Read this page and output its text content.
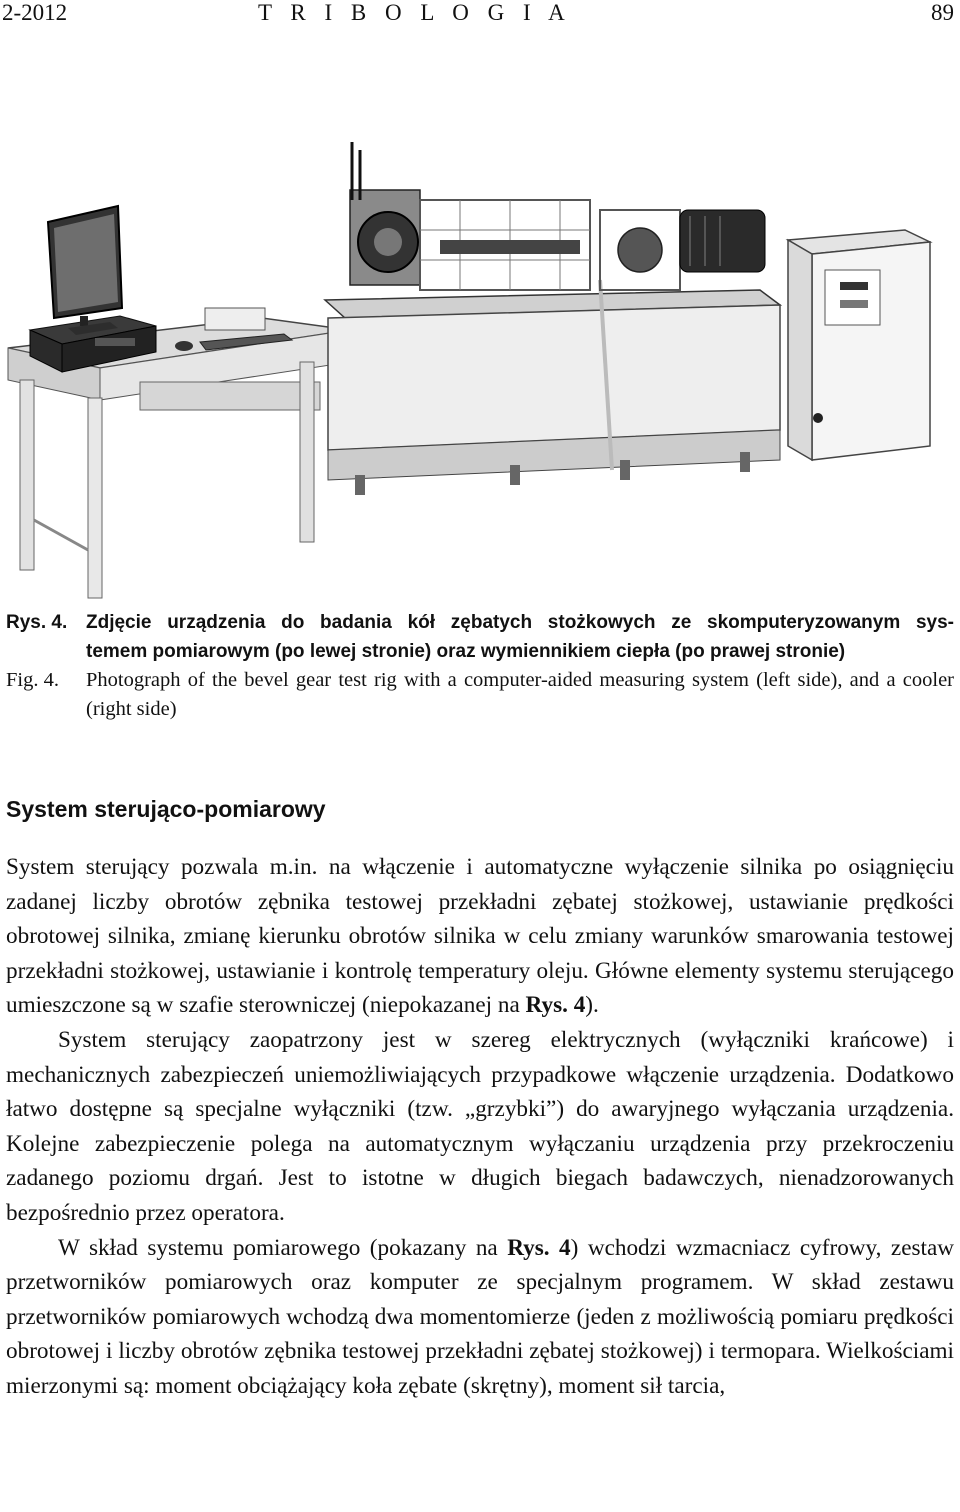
2-2012	T R I B O L O G I A	89
Rys. 4. Zdjęcie urządzenia do badania kół zębatych stożkowych ze skomputeryzowanym sys-
temem pomiarowym (po lewej stronie) oraz wymiennikiem ciepła (po prawej stronie)
Fig. 4. Photograph of the bevel gear test rig with a computer-aided measuring system (left side), and a cooler (right side)
System sterująco-pomiarowy

System sterujący pozwala m.in. na włączenie i automatyczne wyłączenie silnika po osiągnięciu zadanej liczby obrotów zębnika testowej przekładni zębatej stożkowej, ustawianie prędkości obrotowej silnika, zmianę kierunku obrotów silnika w celu zmiany warunków smarowania testowej przekładni stożkowej, ustawianie i kontrolę temperatury oleju. Główne elementy systemu sterującego umieszczone są w szafie sterowniczej (niepokazanej na Rys. 4).

System sterujący zaopatrzony jest w szereg elektrycznych (wyłączniki krańcowe) i mechanicznych zabezpieczeń uniemożliwiających przypadkowe włączenie urządzenia. Dodatkowo łatwo dostępne są specjalne wyłączniki (tzw. „grzybki”) do awaryjnego wyłączania urządzenia. Kolejne zabezpieczenie polega na automatycznym wyłączaniu urządzenia przy przekroczeniu zadanego poziomu drgań. Jest to istotne w długich biegach badawczych, nienadzorowanych bezpośrednio przez operatora.

W skład systemu pomiarowego (pokazany na Rys. 4) wchodzi wzmacniacz cyfrowy, zestaw przetworników pomiarowych oraz komputer ze specjalnym programem. W skład zestawu przetworników pomiarowych wchodzą dwa momentomierze (jeden z możliwością pomiaru prędkości obrotowej i liczby obrotów zębnika testowej przekładni zębatej stożkowej) i termopara. Wielkościami mierzonymi są: moment obciążający koła zębate (skrętny), moment sił tarcia,
